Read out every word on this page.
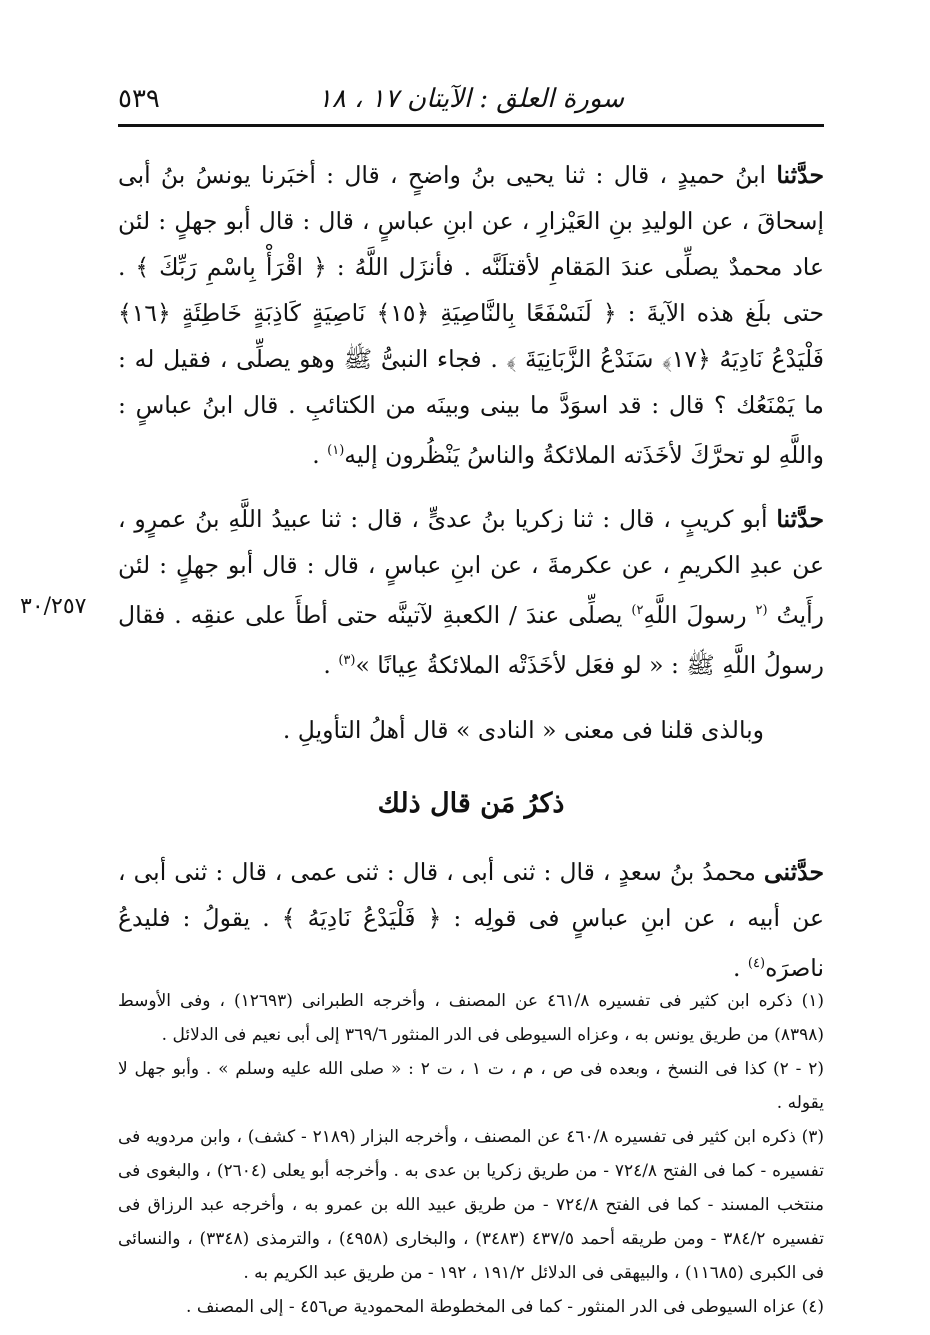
سورة العلق : الآيتان ١٧ ، ١٨
٥٣٩
٣٠/٢٥٧

حدَّثنا ابنُ حميدٍ ، قال : ثنا يحيى بنُ واضحٍ ، قال : أخبَرنا يونسُ بنُ أبى إسحاقَ ، عن الوليدِ بنِ العَيْزارِ ، عن ابنِ عباسٍ ، قال : قال أبو جهلٍ : لئن عاد محمدٌ يصلِّى عندَ المَقامِ لأقتلَنَّه . فأنزَل اللَّهُ : ﴿ اقْرَأْ بِاسْمِ رَبِّكَ ﴾ . حتى بلَغ هذه الآيةَ : ﴿ لَنَسْفَعًا بِالنَّاصِيَةِ ﴿١٥﴾ نَاصِيَةٍ كَاذِبَةٍ خَاطِئَةٍ ﴿١٦﴾ فَلْيَدْعُ نَادِيَهُ ﴿١٧﴾ سَنَدْعُ الزَّبَانِيَةَ ﴾ . فجاء النبىُّ ﷺ وهو يصلِّى ، فقيل له : ما يَمْنَعُك ؟ قال : قد اسوَدَّ ما بينى وبينَه من الكتائبِ . قال ابنُ عباسٍ : واللَّهِ لو تحرَّكَ لأخَذَته الملائكةُ والناسُ يَنْظُرون إليه$^{(١)}$ .

حدَّثنا أبو كريبٍ ، قال : ثنا زكريا بنُ عدىٍّ ، قال : ثنا عبيدُ اللَّهِ بنُ عمرٍو ، عن عبدِ الكريمِ ، عن عكرمةَ ، عن ابنِ عباسٍ ، قال : قال أبو جهلٍ : لئن رأَيتُ $^{(٢}$ رسولَ اللَّهِ$^{٢)}$ يصلِّى عندَ / الكعبةِ لآتينَّه حتى أطأَ على عنقِه . فقال رسولُ اللَّهِ ﷺ : « لو فعَل لأخَذَتْه الملائكةُ عِيانًا »$^{(٣)}$ .

وبالذى قلنا فى معنى « النادى » قال أهلُ التأويلِ .

ذكرُ مَن قال ذلك

حدَّثنى محمدُ بنُ سعدٍ ، قال : ثنى أبى ، قال : ثنى عمى ، قال : ثنى أبى ، عن أبيه ، عن ابنِ عباسٍ فى قولِه : ﴿ فَلْيَدْعُ نَادِيَهُ ﴾ . يقولُ : فليدعُ ناصرَه$^{(٤)}$ .

(١) ذكره ابن كثير فى تفسيره ٤٦١/٨ عن المصنف ، وأخرجه الطبرانى (١٢٦٩٣) ، وفى الأوسط (٨٣٩٨) من طريق يونس به ، وعزاه السيوطى فى الدر المنثور ٣٦٩/٦ إلى أبى نعيم فى الدلائل .

(٢ - ٢) كذا فى النسخ ، وبعده فى ص ، م ، ت ١ ، ت ٢ : « صلى الله عليه وسلم » . وأبو جهل لا يقوله .

(٣) ذكره ابن كثير فى تفسيره ٤٦٠/٨ عن المصنف ، وأخرجه البزار (٢١٨٩ - كشف) ، وابن مردويه فى تفسيره - كما فى الفتح ٧٢٤/٨ - من طريق زكريا بن عدى به . وأخرجه أبو يعلى (٢٦٠٤) ، والبغوى فى منتخب المسند - كما فى الفتح ٧٢٤/٨ - من طريق عبيد الله بن عمرو به ، وأخرجه عبد الرزاق فى تفسيره ٣٨٤/٢ - ومن طريقه أحمد ٤٣٧/٥ (٣٤٨٣) ، والبخارى (٤٩٥٨) ، والترمذى (٣٣٤٨) ، والنسائى فى الكبرى (١١٦٨٥) ، والبيهقى فى الدلائل ١٩١/٢ ، ١٩٢ - من طريق عبد الكريم به .

(٤) عزاه السيوطى فى الدر المنثور - كما فى المخطوطة المحمودية ص٤٥٦ - إلى المصنف .
